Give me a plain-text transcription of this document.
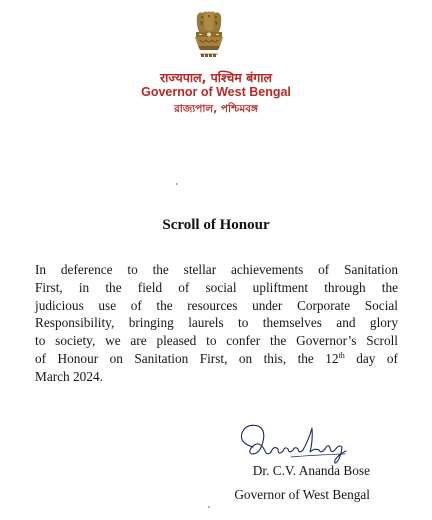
राज्यपाल, पश्चिम बंगाल
Governor of West Bengal
রাজ্যপাল, পশ্চিমবঙ্গ
Scroll of Honour
In deference to the stellar achievements of Sanitation
First, in the field of social upliftment through the
judicious use of the resources under Corporate Social
Responsibility, bringing laurels to themselves and glory
to society, we are pleased to confer the Governor’s Scroll
of Honour on Sanitation First, on this, the 12th day of
March 2024.
Dr. C.V. Ananda Bose
Governor of West Bengal
